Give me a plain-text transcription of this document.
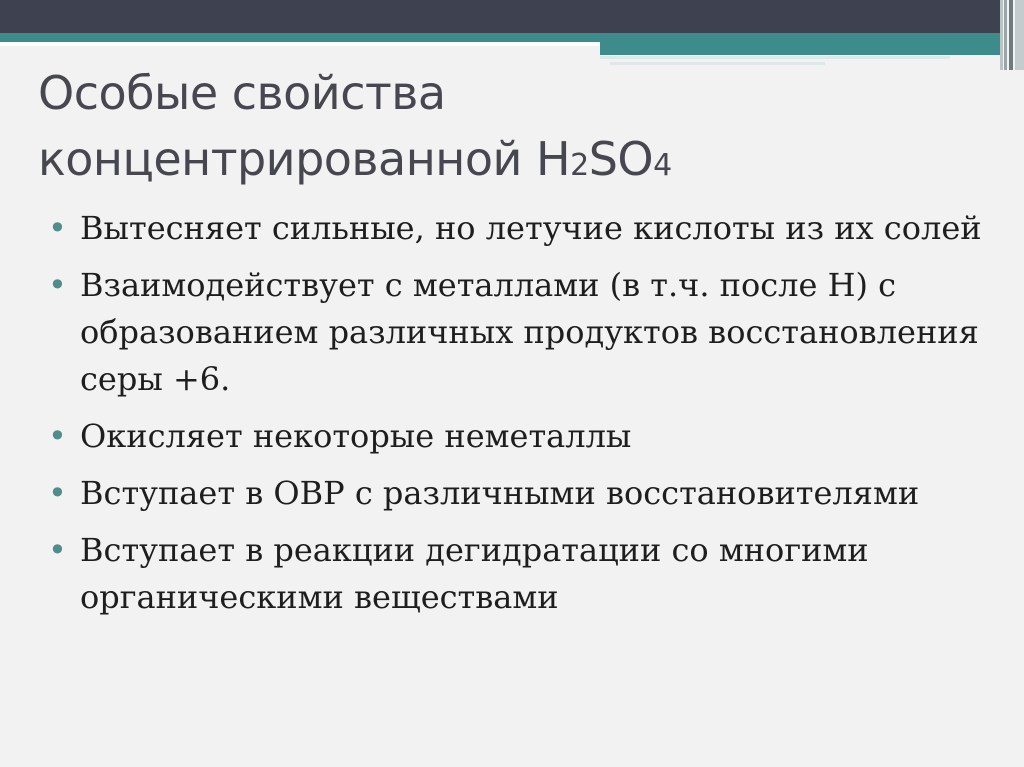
Особые свойства
концентрированной Н2SO4
• Вытесняет сильные, но летучие кислоты из их солей
• Взаимодействует с металлами (в т.ч. после Н) с образованием различных продуктов восстановления серы +6.
• Окисляет некоторые неметаллы
• Вступает в ОВР с различными восстановителями
• Вступает в реакции дегидратации со многими органическими веществами
